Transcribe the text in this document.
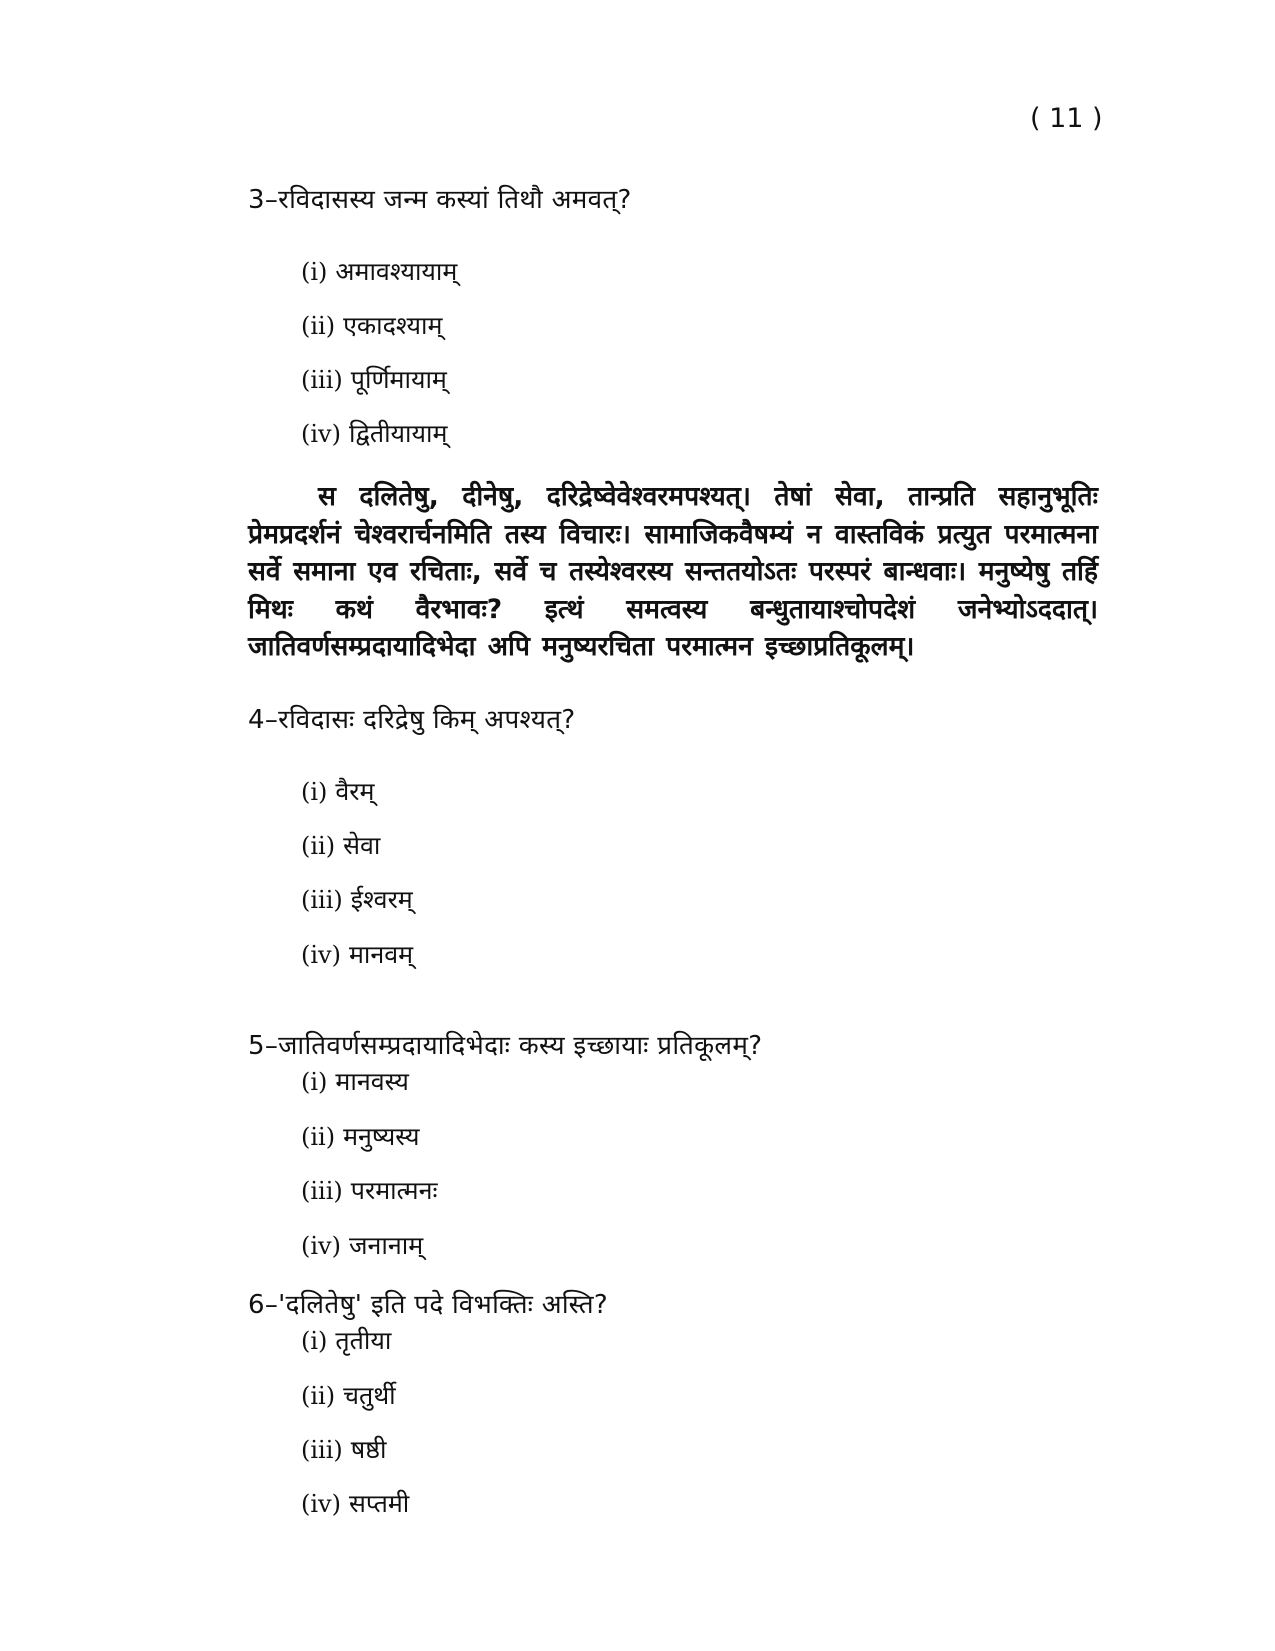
( 11 )
3–रविदासस्य जन्म कस्यां तिथौ अमवत्?
(i) अमावश्यायाम्
(ii) एकादश्याम्
(iii) पूर्णिमायाम्
(iv) द्वितीयायाम्

स दलितेषु, दीनेषु, दरिद्रेष्वेवेश्वरमपश्यत्। तेषां सेवा, तान्प्रति सहानुभूतिः प्रेमप्रदर्शनं चेश्वरार्चनमिति तस्य विचारः। सामाजिकवैषम्यं न वास्तविकं प्रत्युत परमात्मना सर्वे समाना एव रचिताः, सर्वे च तस्येश्वरस्य सन्ततयोऽतः परस्परं बान्धवाः। मनुष्येषु तर्हि मिथः कथं वैरभावः? इत्थं समत्वस्य बन्धुतायाश्चोपदेशं जनेभ्योऽददात्। जातिवर्णसम्प्रदायादिभेदा अपि मनुष्यरचिता परमात्मन इच्छाप्रतिकूलम्।

4–रविदासः दरिद्रेषु किम् अपश्यत्?
(i) वैरम्
(ii) सेवा
(iii) ईश्वरम्
(iv) मानवम्
5–जातिवर्णसम्प्रदायादिभेदाः कस्य इच्छायाः प्रतिकूलम्?
(i) मानवस्य
(ii) मनुष्यस्य
(iii) परमात्मनः
(iv) जनानाम्
6–'दलितेषु' इति पदे विभक्तिः अस्ति?
(i) तृतीया
(ii) चतुर्थी
(iii) षष्ठी
(iv) सप्तमी
